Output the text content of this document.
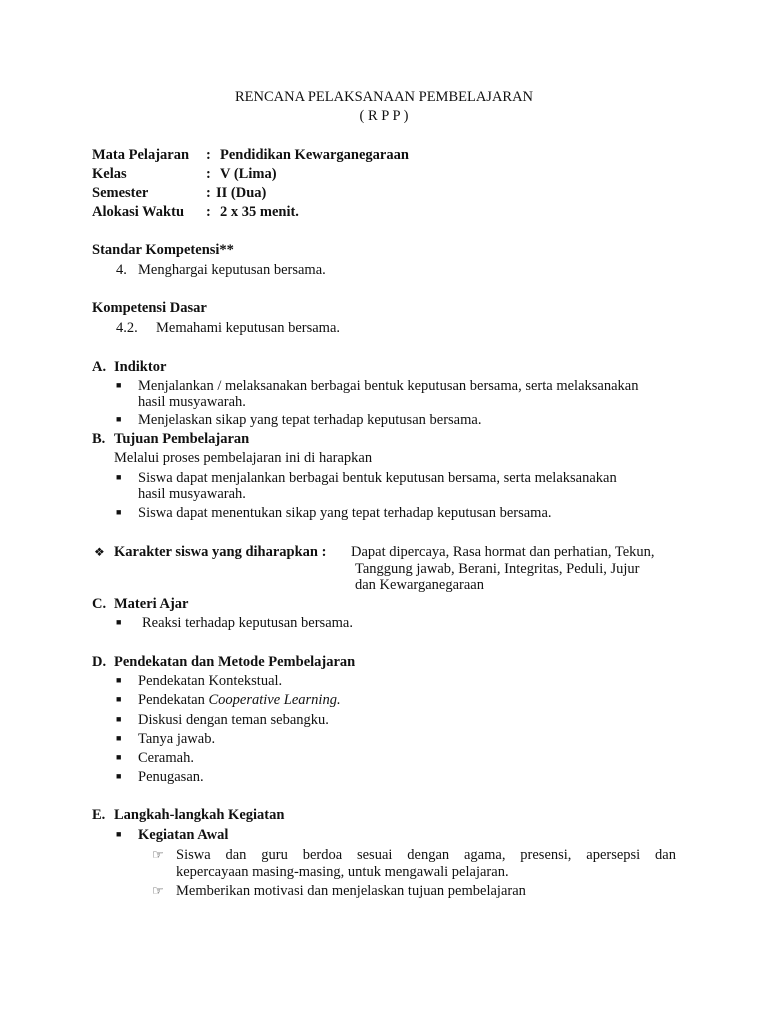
RENCANA PELAKSANAAN PEMBELAJARAN
( R P P )
Mata Pelajaran : Pendidikan Kewarganegaraan
Kelas	: V (Lima)
Semester	: II (Dua)
Alokasi Waktu : 2 x 35 menit.
Standar Kompetensi**
4. Menghargai keputusan bersama.
Kompetensi Dasar
4.2. Memahami keputusan bersama.
A. Indiktor
■ Menjalankan / melaksanakan berbagai bentuk keputusan bersama, serta melaksanakan
hasil musyawarah.
■ Menjelaskan sikap yang tepat terhadap keputusan bersama.
B. Tujuan Pembelajaran
Melalui proses pembelajaran ini di harapkan
■ Siswa dapat menjalankan berbagai bentuk keputusan bersama, serta melaksanakan
hasil musyawarah.
■ Siswa dapat menentukan sikap yang tepat terhadap keputusan bersama.
❖ Karakter siswa yang diharapkan : Dapat dipercaya, Rasa hormat dan perhatian, Tekun,
Tanggung jawab, Berani, Integritas, Peduli, Jujur
dan Kewarganegaraan
C. Materi Ajar
■ Reaksi terhadap keputusan bersama.
D. Pendekatan dan Metode Pembelajaran
■ Pendekatan Kontekstual.
■ Pendekatan Cooperative Learning.
■ Diskusi dengan teman sebangku.
■ Tanya jawab.
■ Ceramah.
■ Penugasan.
E. Langkah-langkah Kegiatan
■ Kegiatan Awal
☞ Siswa dan guru berdoa sesuai dengan agama, presensi, apersepsi dan
kepercayaan masing-masing, untuk mengawali pelajaran.
☞ Memberikan motivasi dan menjelaskan tujuan pembelajaran
